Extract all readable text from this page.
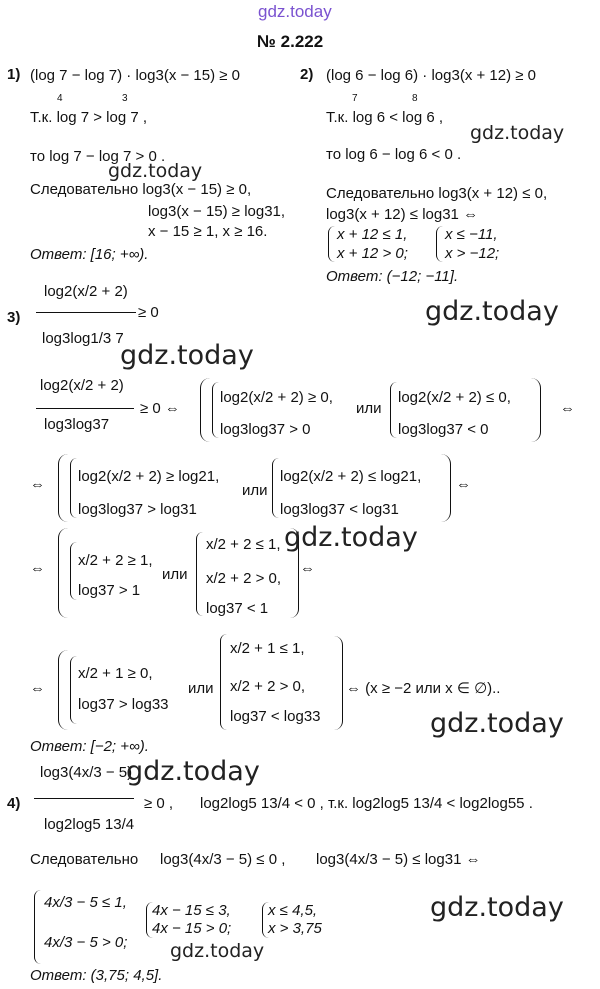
gdz.today
№ 2.222
1) (log 7 − log 7) · log3(x − 15) ≥ 0
4	3
Т.к. log 7 > log 7 ,
то log 7 − log 7 > 0 .
Следовательно log3(x − 15) ≥ 0,
log3(x − 15) ≥ log31,
x − 15 ≥ 1, x ≥ 16.
Ответ: [16; +∞).
2) (log 6 − log 6) · log3(x + 12) ≥ 0
7	8
Т.к. log 6 < log 6 ,
то log 6 − log 6 < 0 .
Следовательно log3(x + 12) ≤ 0,
log3(x + 12) ≤ log31 ⇔
x + 12 ≤ 1,
x + 12 > 0;
x ≤ −11,
x > −12;
Ответ: (−12; −11].
3)
log2(x/2 + 2)
log3log1/3 7
≥ 0
log2(x/2 + 2)
log3log37
≥ 0 ⇔
log2(x/2 + 2) ≥ 0,
log3log37 > 0
или
log2(x/2 + 2) ≤ 0,
log3log37 < 0
⇔
⇔ log2(x/2 + 2) ≥ log21,
log3log37 > log31
или
log2(x/2 + 2) ≤ log21,
log3log37 < log31
⇔
⇔ x/2 + 2 ≥ 1,
log37 > 1
или
x/2 + 2 ≤ 1,
x/2 + 2 > 0,
log37 < 1
⇔
⇔
x/2 + 1 ≥ 0,
log37 > log33
или
x/2 + 1 ≤ 1,
x/2 + 2 > 0,
log37 < log33
⇔ (x ≥ −2 или x ∈ ∅)..
Ответ: [−2; +∞).
4)
log3(4x/3 − 5)
log2log5 13/4
≥ 0 , log2log5 13/4 < 0 , т.к. log2log5 13/4 < log2log55 .
Следовательно log3(4x/3 − 5) ≤ 0 , log3(4x/3 − 5) ≤ log31 ⇔
4x/3 − 5 ≤ 1,
4x/3 − 5 > 0;
4x − 15 ≤ 3,
4x − 15 > 0;
x ≤ 4,5,
x > 3,75
Ответ: (3,75; 4,5].
gdz.today
gdz.today
gdz.today
gdz.today
gdz.today
gdz.today
gdz.today
gdz.today
gdz.today
